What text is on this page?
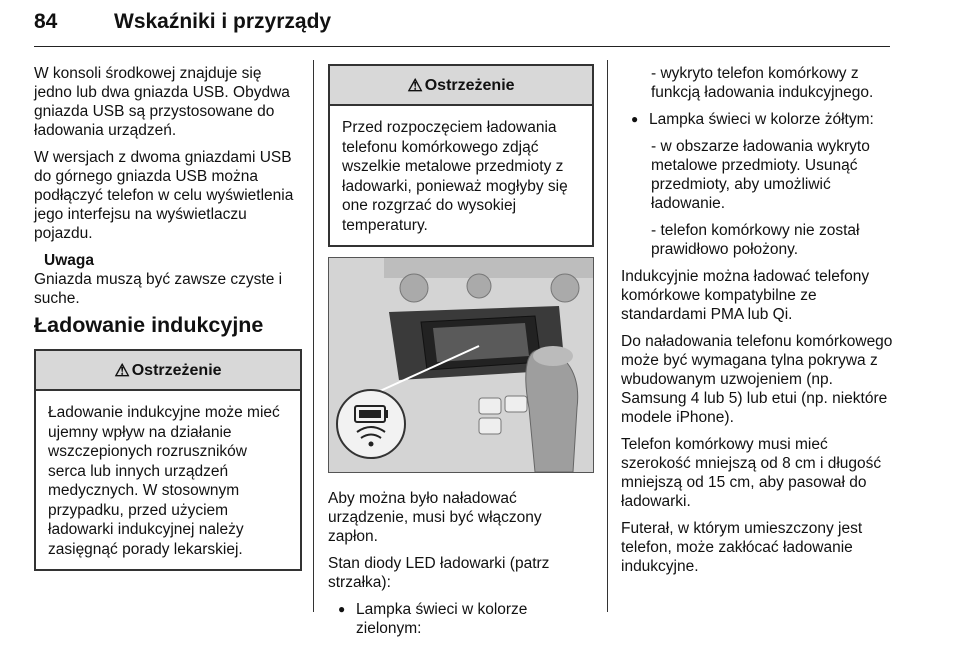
84	Wskaźniki i przyrządy

W konsoli środkowej znajduje się jedno lub dwa gniazda USB. Obydwa gniazda USB są przystosowane do ładowania urządzeń.

W wersjach z dwoma gniazdami USB do górnego gniazda USB można podłączyć telefon w celu wyświetlenia jego interfejsu na wyświetlaczu pojazdu.

Uwaga

Gniazda muszą być zawsze czyste i suche.

Ładowanie indukcyjne
⚠ Ostrzeżenie
Ładowanie indukcyjne może mieć ujemny wpływ na działanie wszczepionych rozruszników serca lub innych urządzeń medycznych. W stosownym przypadku, przed użyciem ładowarki indukcyjnej należy zasięgnąć porady lekarskiej.
⚠ Ostrzeżenie
Przed rozpoczęciem ładowania telefonu komórkowego zdjąć wszelkie metalowe przedmioty z ładowarki, ponieważ mogłyby się one rozgrzać do wysokiej temperatury.

Aby można było naładować urządzenie, musi być włączony zapłon.

Stan diody LED ładowarki (patrz strzałka):

● Lampka świeci w kolorze zielonym:

- wykryto telefon komórkowy z funkcją ładowania indukcyjnego.

● Lampka świeci w kolorze żółtym:

- w obszarze ładowania wykryto metalowe przedmioty. Usunąć przedmioty, aby umożliwić ładowanie.

- telefon komórkowy nie został prawidłowo położony.

Indukcyjnie można ładować telefony komórkowe kompatybilne ze standardami PMA lub Qi.

Do naładowania telefonu komórkowego może być wymagana tylna pokrywa z wbudowanym uzwojeniem (np. Samsung 4 lub 5) lub etui (np. niektóre modele iPhone).

Telefon komórkowy musi mieć szerokość mniejszą od 8 cm i długość mniejszą od 15 cm, aby pasował do ładowarki.

Futerał, w którym umieszczony jest telefon, może zakłócać ładowanie indukcyjne.
